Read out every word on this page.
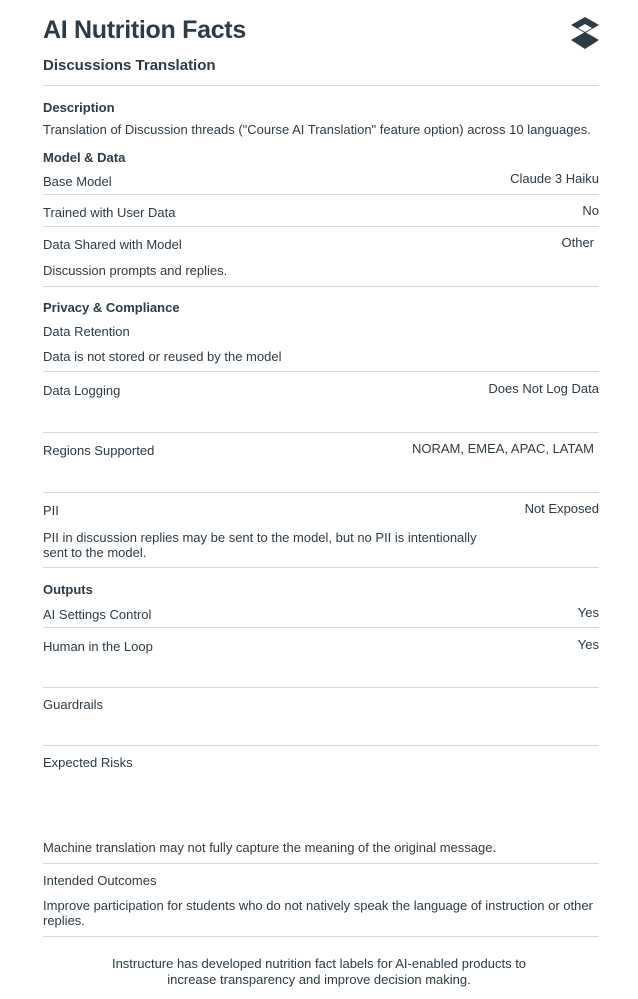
AI Nutrition Facts
Discussions Translation
Description
Translation of Discussion threads ("Course AI Translation" feature option) across 10 languages.
Model & Data
Base Model	Claude 3 Haiku
Trained with User Data	No
Data Shared with Model	Other
Discussion prompts and replies.
Privacy & Compliance
Data Retention
Data is not stored or reused by the model
Data Logging	Does Not Log Data
Regions Supported	NORAM, EMEA, APAC, LATAM
PII	Not Exposed
PII in discussion replies may be sent to the model, but no PII is intentionally sent to the model.
Outputs
AI Settings Control	Yes
Human in the Loop	Yes
Guardrails
Expected Risks
Machine translation may not fully capture the meaning of the original message.
Intended Outcomes
Improve participation for students who do not natively speak the language of instruction or other replies.
Instructure has developed nutrition fact labels for AI-enabled products to
increase transparency and improve decision making.
